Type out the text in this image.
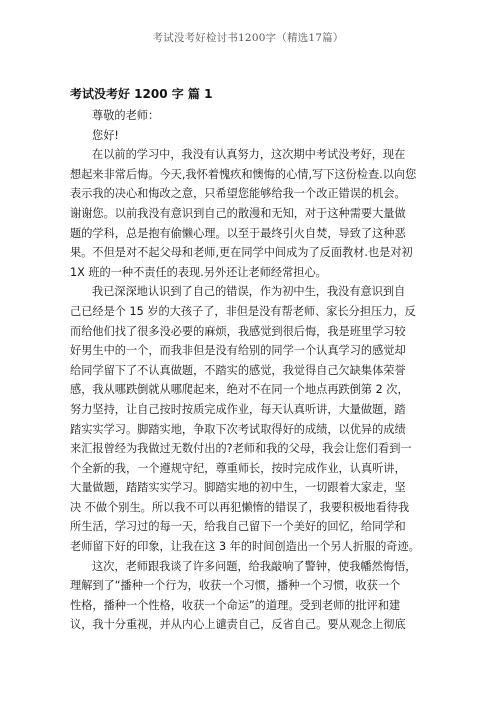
考试没考好检讨书1200字（精选17篇）
考试没考好 1200 字 篇 1

尊敬的老师：

您好!

在以前的学习中，我没有认真努力，这次期中考试没考好，现在

想起来非常后悔。今天,我怀着愧疚和懊悔的心情,写下这份检查.以向您

表示我的决心和悔改之意，只希望您能够给我一个改正错误的机会。

谢谢您。以前我没有意识到自己的散漫和无知，对于这种需要大量做

题的学科，总是抱有偷懒心理。以至于最终引火自焚，导致了这种恶

果。不但是对不起父母和老师,更在同学中间成为了反面教材.也是对初

1X 班的一种不责任的表现.另外还让老师经常担心。

我已深深地认识到了自己的错误，作为初中生，我没有意识到自

己已经是个 15 岁的大孩子了，非但是没有帮老师、家长分担压力，反

而给他们找了很多没必要的麻烦，我感觉到很后悔，我是班里学习较

好男生中的一个，而我非但是没有给别的同学一个认真学习的感觉却

给同学留下了不认真做题，不踏实的感觉，我觉得自己欠缺集体荣誉

感，我从哪跌倒就从哪爬起来，绝对不在同一个地点再跌倒第 2 次，

努力坚持，让自己按时按质完成作业，每天认真听讲，大量做题，踏

踏实实学习。脚踏实地，争取下次考试取得好的成绩，以优异的成绩

来汇报曾经为我做过无数付出的?老师和我的父母，我会让您们看到一

个全新的我，一个遵规守纪，尊重师长，按时完成作业，认真听讲，

大量做题，踏踏实实学习。脚踏实地的初中生，一切跟着大家走，坚

决 不做个别生。所以我不可以再犯懒惰的错误了，我要积极地看待我

所生活，学习过的每一天，给我自己留下一个美好的回忆，给同学和

老师留下好的印象，让我在这 3 年的时间创造出一个另人折服的奇迹。

这次，老师跟我谈了许多问题，给我敲响了警钟，使我幡然悔悟，

理解到了“播种一个行为，收获一个习惯，播种一个习惯，收获一个

性格，播种一个性格，收获一个命运”的道理。受到老师的批评和建

议，我十分重视，并从内心上谴责自己，反省自己。要从观念上彻底
